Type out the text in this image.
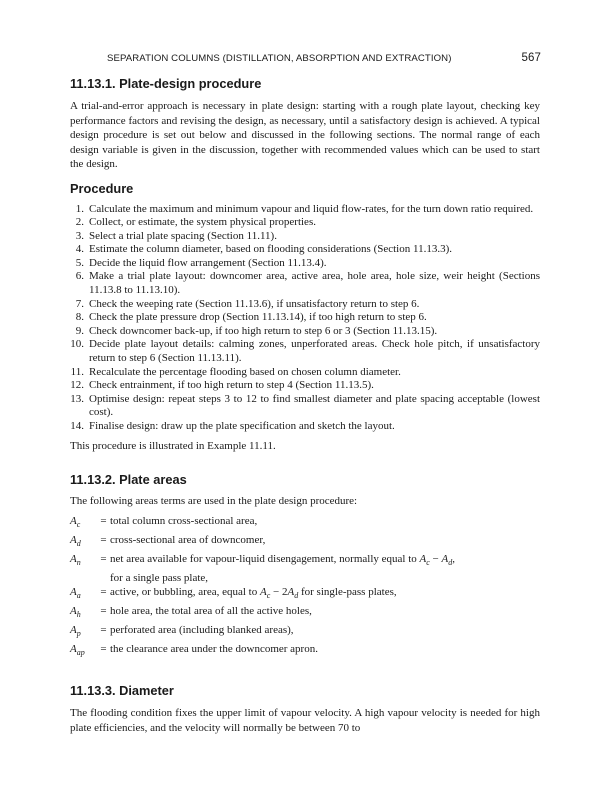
SEPARATION COLUMNS (DISTILLATION, ABSORPTION AND EXTRACTION)	567
11.13.1. Plate-design procedure

A trial-and-error approach is necessary in plate design: starting with a rough plate layout, checking key performance factors and revising the design, as necessary, until a satisfactory design is achieved. A typical design procedure is set out below and discussed in the following sections. The normal range of each design variable is given in the discussion, together with recommended values which can be used to start the design.

Procedure
1. Calculate the maximum and minimum vapour and liquid flow-rates, for the turn down ratio required.
2. Collect, or estimate, the system physical properties.
3. Select a trial plate spacing (Section 11.11).
4. Estimate the column diameter, based on flooding considerations (Section 11.13.3).
5. Decide the liquid flow arrangement (Section 11.13.4).
6. Make a trial plate layout: downcomer area, active area, hole area, hole size, weir height (Sections 11.13.8 to 11.13.10).
7. Check the weeping rate (Section 11.13.6), if unsatisfactory return to step 6.
8. Check the plate pressure drop (Section 11.13.14), if too high return to step 6.
9. Check downcomer back-up, if too high return to step 6 or 3 (Section 11.13.15).
10. Decide plate layout details: calming zones, unperforated areas. Check hole pitch, if unsatisfactory return to step 6 (Section 11.13.11).
11. Recalculate the percentage flooding based on chosen column diameter.
12. Check entrainment, if too high return to step 4 (Section 11.13.5).
13. Optimise design: repeat steps 3 to 12 to find smallest diameter and plate spacing acceptable (lowest cost).
14. Finalise design: draw up the plate specification and sketch the layout.

This procedure is illustrated in Example 11.11.

11.13.2. Plate areas

The following areas terms are used in the plate design procedure:

$A_c$	= total column cross-sectional area,
$A_d$	= cross-sectional area of downcomer,
$A_n$	= net area available for vapour-liquid disengagement, normally equal to $A_c - A_d$,
for a single pass plate,
$A_a$	= active, or bubbling, area, equal to $A_c - 2A_d$ for single-pass plates,
$A_h$	= hole area, the total area of all the active holes,
$A_p$	= perforated area (including blanked areas),
$A_{ap}$	= the clearance area under the downcomer apron.
11.13.3. Diameter

The flooding condition fixes the upper limit of vapour velocity. A high vapour velocity is needed for high plate efficiencies, and the velocity will normally be between 70 to
